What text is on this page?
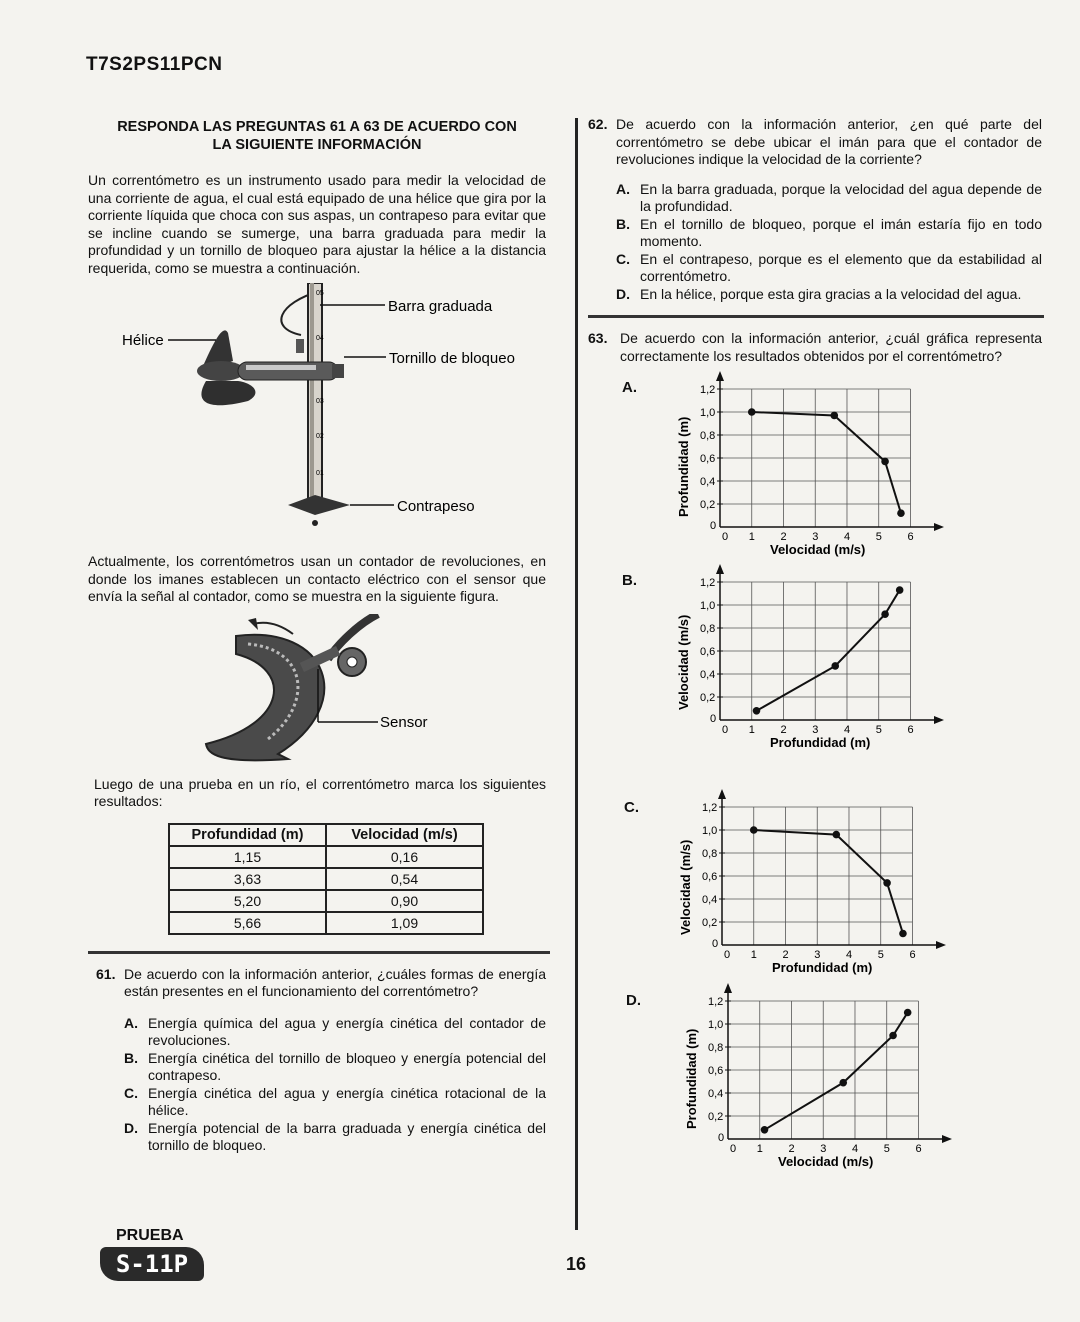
T7S2PS11PCN
RESPONDA LAS PREGUNTAS 61 A 63 DE ACUERDO CON
LA SIGUIENTE INFORMACIÓN

Un correntómetro es un instrumento usado para medir la velocidad de una corriente de agua, el cual está equipado de una hélice que gira por la corriente líquida que choca con sus aspas, un contrapeso para evitar que se incline cuando se sumerge, una barra graduada para medir la profundidad y un tornillo de bloqueo para ajustar la hélice a la distancia requerida, como se muestra a continuación.

05
04
03
02
01
Barra graduada
Hélice
Tornillo de bloqueo
Contrapeso

Actualmente, los correntómetros usan un contador de revoluciones, en donde los imanes establecen un contacto eléctrico con el sensor que envía la señal al contador, como se muestra en la siguiente figura.

Sensor

Luego de una prueba en un río, el correntómetro marca los siguientes resultados:

Profundidad (m)	Velocidad (m/s)
1,15	0,16
3,63	0,54
5,20	0,90
5,66	1,09
61. De acuerdo con la información anterior, ¿cuáles formas de energía están presentes en el funcionamiento del correntómetro?
A. Energía química del agua y energía cinética del contador de revoluciones.
B. Energía cinética del tornillo de bloqueo y energía potencial del contrapeso.
C. Energía cinética del agua y energía cinética rotacional de la hélice.
D. Energía potencial de la barra graduada y energía cinética del tornillo de bloqueo.
PRUEBA
S-11P	16
62. De acuerdo con la información anterior, ¿en qué parte del correntómetro se debe ubicar el imán para que el contador de revoluciones indique la velocidad de la corriente?
A. En la barra graduada, porque la velocidad del agua depende de la profundidad.
B. En el tornillo de bloqueo, porque el imán estaría fijo en todo momento.
C. En el contrapeso, porque es el elemento que da estabilidad al correntómetro.
D. En la hélice, porque esta gira gracias a la velocidad del agua.
63. De acuerdo con la información anterior, ¿cuál gráfica representa correctamente los resultados obtenidos por el correntómetro?
A.
0 1 2 3 4 5 6
0
0,2
0,4
0,6
0,8
1,0
1,2
Velocidad (m/s)
Profundidad (m)
B.
0 1 2 3 4 5 6
0
0,2
0,4
0,6
0,8
1,0
1,2
Profundidad (m)
Velocidad (m/s)
C.
0 1 2 3 4 5 6
0
0,2
0,4
0,6
0,8
1,0
1,2
Profundidad (m)
Velocidad (m/s)
D.
0 1 2 3 4 5 6
0
0,2
0,4
0,6
0,8
1,0
1,2
Velocidad (m/s)
Profundidad (m)
